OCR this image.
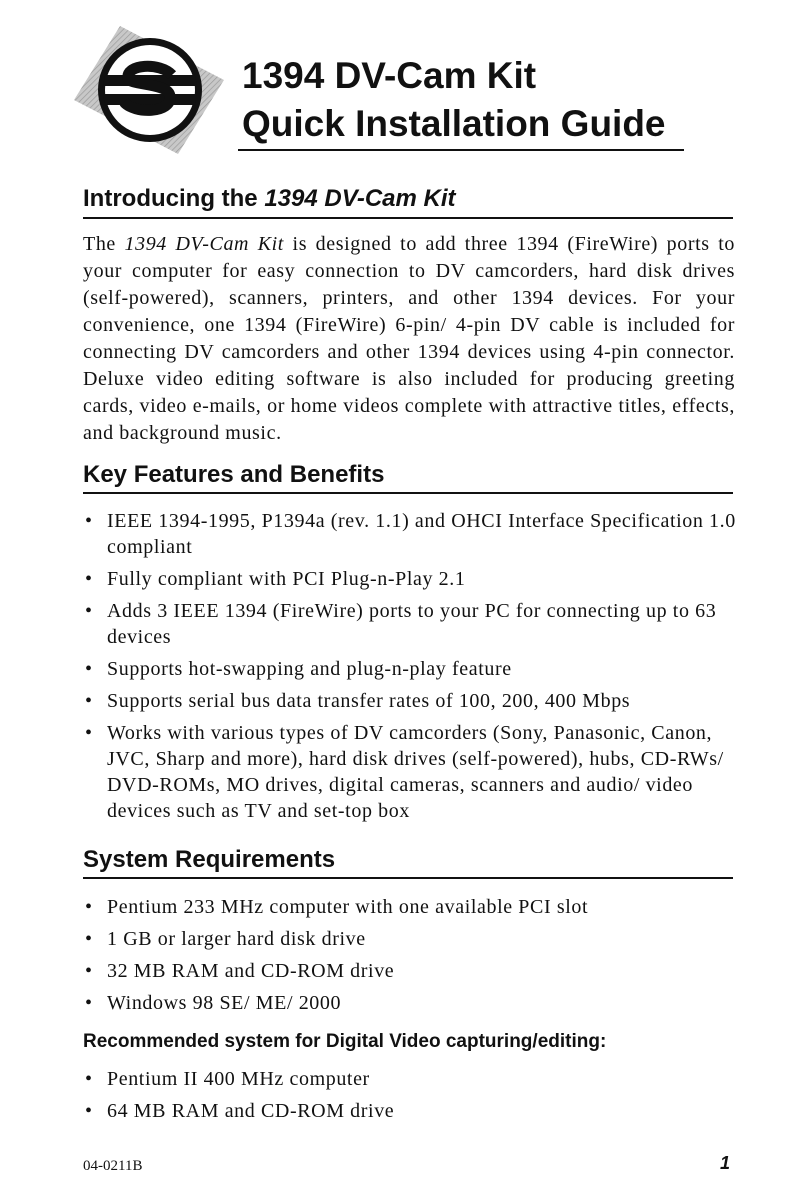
1394 DV-Cam Kit
Quick Installation Guide
Introducing the 1394 DV-Cam Kit
The 1394 DV-Cam Kit is designed to add three 1394 (FireWire) ports to your computer for easy connection to DV camcorders, hard disk drives (self-powered), scanners, printers, and other 1394 devices. For your convenience, one 1394 (FireWire) 6-pin/ 4-pin DV cable is included for connecting DV camcorders and other 1394 devices using 4-pin connector. Deluxe video editing software is also included for producing greeting cards, video e-mails, or home videos complete with attractive titles, effects, and background music.
Key Features and Benefits
• IEEE 1394-1995, P1394a (rev. 1.1) and OHCI Interface Specification 1.0 compliant
• Fully compliant with PCI Plug-n-Play 2.1
• Adds 3 IEEE 1394 (FireWire) ports to your PC for connecting up to 63 devices
• Supports hot-swapping and plug-n-play feature
• Supports serial bus data transfer rates of 100, 200, 400 Mbps
• Works with various types of DV camcorders (Sony, Panasonic, Canon, JVC, Sharp and more), hard disk drives (self-powered), hubs, CD-RWs/ DVD-ROMs, MO drives, digital cameras, scanners and audio/ video devices such as TV and set-top box
System Requirements
• Pentium 233 MHz computer with one available PCI slot
• 1 GB or larger hard disk drive
• 32 MB RAM and CD-ROM drive
• Windows 98 SE/ ME/ 2000
Recommended system for Digital Video capturing/editing:
• Pentium II 400 MHz computer
• 64 MB RAM and CD-ROM drive
04-0211B	1
